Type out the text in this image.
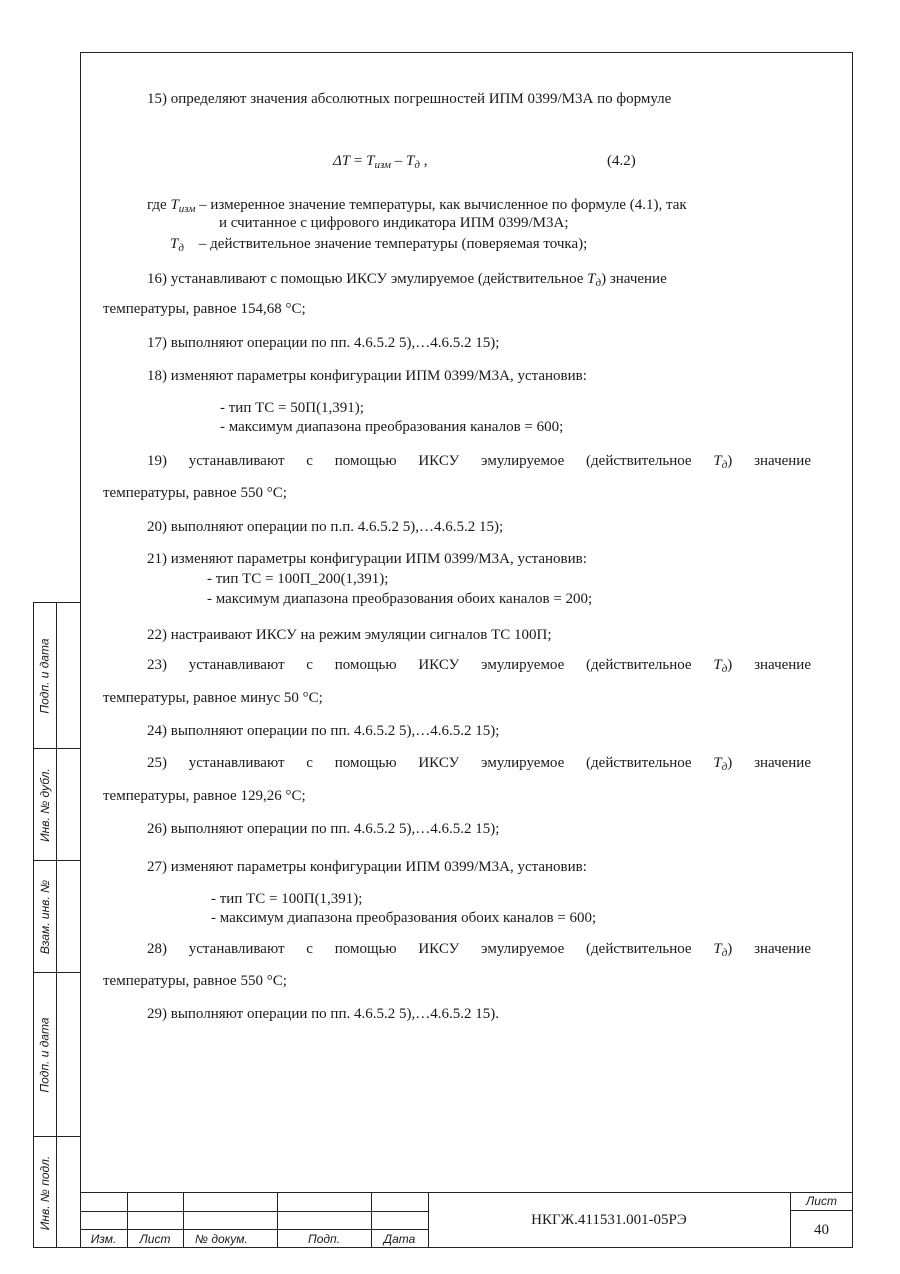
15) определяют значения абсолютных погрешностей ИПМ 0399/М3А по формуле

$\Delta T = T_{изм} - T_д$ ,	(4.2)

где $T_{изм}$ – измеренное значение температуры, как вычисленное по формуле (4.1), так

и считанное с цифрового индикатора ИПМ 0399/М3А;

$T_д$ – действительное значение температуры (поверяемая точка);

16) устанавливают с помощью ИКСУ эмулируемое (действительное $T_д$) значение

температуры, равное 154,68 °С;

17) выполняют операции по пп. 4.6.5.2 5),…4.6.5.2 15);

18) изменяют параметры конфигурации ИПМ 0399/М3А, установив:

- тип ТС = 50П(1,391);

- максимум диапазона преобразования каналов = 600;

19) устанавливают с помощью ИКСУ эмулируемое (действительное $T_д$) значение

температуры, равное 550 °С;

20) выполняют операции по п.п. 4.6.5.2 5),…4.6.5.2 15);

21) изменяют параметры конфигурации ИПМ 0399/М3А, установив:

- тип ТС = 100П_200(1,391);

- максимум диапазона преобразования обоих каналов = 200;

22) настраивают ИКСУ на режим эмуляции сигналов ТС 100П;

23) устанавливают с помощью ИКСУ эмулируемое (действительное $T_д$) значение

температуры, равное минус 50 °С;

24) выполняют операции по пп. 4.6.5.2 5),…4.6.5.2 15);

25) устанавливают с помощью ИКСУ эмулируемое (действительное $T_д$) значение

температуры, равное 129,26 °С;

26) выполняют операции по пп. 4.6.5.2 5),…4.6.5.2 15);

27) изменяют параметры конфигурации ИПМ 0399/М3А, установив:

- тип ТС = 100П(1,391);

- максимум диапазона преобразования обоих каналов = 600;

28) устанавливают с помощью ИКСУ эмулируемое (действительное $T_д$) значение

температуры, равное 550 °С;

29) выполняют операции по пп. 4.6.5.2 5),…4.6.5.2 15).

Подп. и дата
Инв. № дубл.
Взам. инв. №
Подп. и дата
Инв. № подл.
Изм.	Лист	№ докум.	Подп.	Дата
НКГЖ.411531.001-05РЭ
Лист
40
